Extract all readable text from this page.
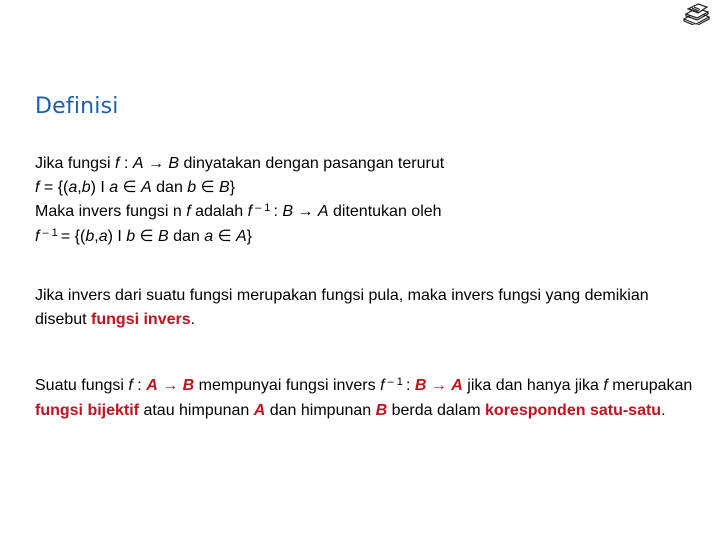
Definisi
Jika fungsi f : A → B dinyatakan dengan pasangan terurut
f = {(a,b) I a ∈ A dan b ∈ B}
Maka invers fungsi n f adalah f $^{- 1}$ : B → A ditentukan oleh
f $^{- 1}$ = {(b,a) I b ∈ B dan a ∈ A}
Jika invers dari suatu fungsi merupakan fungsi pula, maka invers fungsi yang demikian disebut fungsi invers.
Suatu fungsi f : A → B mempunyai fungsi invers f $^{- 1}$ : B → A jika dan hanya jika f merupakan fungsi bijektif atau himpunan A dan himpunan B berda dalam koresponden satu-satu.
